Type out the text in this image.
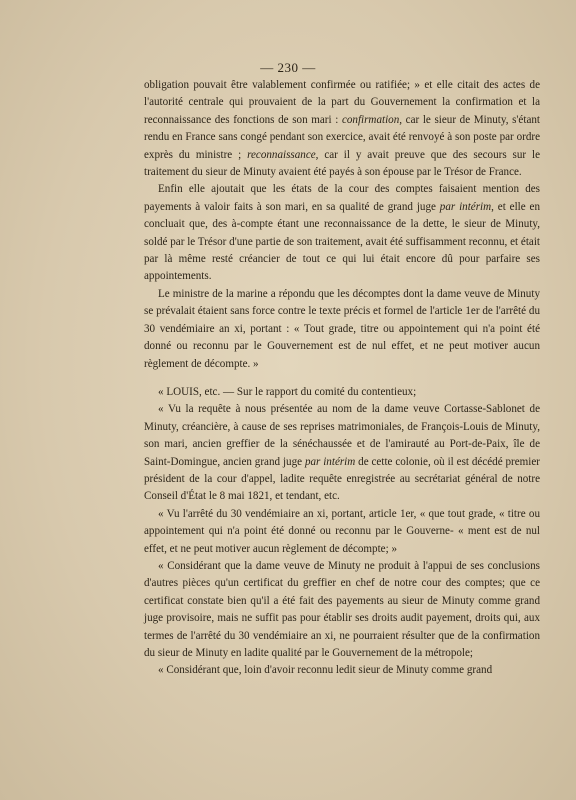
— 230 —

obligation pouvait être valablement confirmée ou ratifiée; » et elle citait des actes de l'autorité centrale qui prouvaient de la part du Gouvernement la confirmation et la reconnaissance des fonctions de son mari : confirmation, car le sieur de Minuty, s'étant rendu en France sans congé pendant son exercice, avait été renvoyé à son poste par ordre exprès du ministre ; reconnaissance, car il y avait preuve que des secours sur le traitement du sieur de Minuty avaient été payés à son épouse par le Trésor de France.

Enfin elle ajoutait que les états de la cour des comptes faisaient mention des payements à valoir faits à son mari, en sa qualité de grand juge par intérim, et elle en concluait que, des à-compte étant une reconnaissance de la dette, le sieur de Minuty, soldé par le Trésor d'une partie de son traitement, avait été suffisamment reconnu, et était par là même resté créancier de tout ce qui lui était encore dû pour parfaire ses appointements.

Le ministre de la marine a répondu que les décomptes dont la dame veuve de Minuty se prévalait étaient sans force contre le texte précis et formel de l'article 1er de l'arrêté du 30 vendémiaire an xi, portant : « Tout grade, titre ou appointement qui n'a point été donné ou reconnu par le Gouvernement est de nul effet, et ne peut motiver aucun règlement de décompte. »

« LOUIS, etc. — Sur le rapport du comité du contentieux;

« Vu la requête à nous présentée au nom de la dame veuve Cortasse-Sablonet de Minuty, créancière, à cause de ses reprises matrimoniales, de François-Louis de Minuty, son mari, ancien greffier de la sénéchaussée et de l'amirauté au Port-de-Paix, île de Saint-Domingue, ancien grand juge par intérim de cette colonie, où il est décédé premier président de la cour d'appel, ladite requête enregistrée au secrétariat général de notre Conseil d'État le 8 mai 1821, et tendant, etc.

« Vu l'arrêté du 30 vendémiaire an xi, portant, article 1er, « que tout grade, « titre ou appointement qui n'a point été donné ou reconnu par le Gouverne- « ment est de nul effet, et ne peut motiver aucun règlement de décompte; »

« Considérant que la dame veuve de Minuty ne produit à l'appui de ses conclusions d'autres pièces qu'un certificat du greffier en chef de notre cour des comptes; que ce certificat constate bien qu'il a été fait des payements au sieur de Minuty comme grand juge provisoire, mais ne suffit pas pour établir ses droits audit payement, droits qui, aux termes de l'arrêté du 30 vendémiaire an xi, ne pourraient résulter que de la confirmation du sieur de Minuty en ladite qualité par le Gouvernement de la métropole;

« Considérant que, loin d'avoir reconnu ledit sieur de Minuty comme grand
